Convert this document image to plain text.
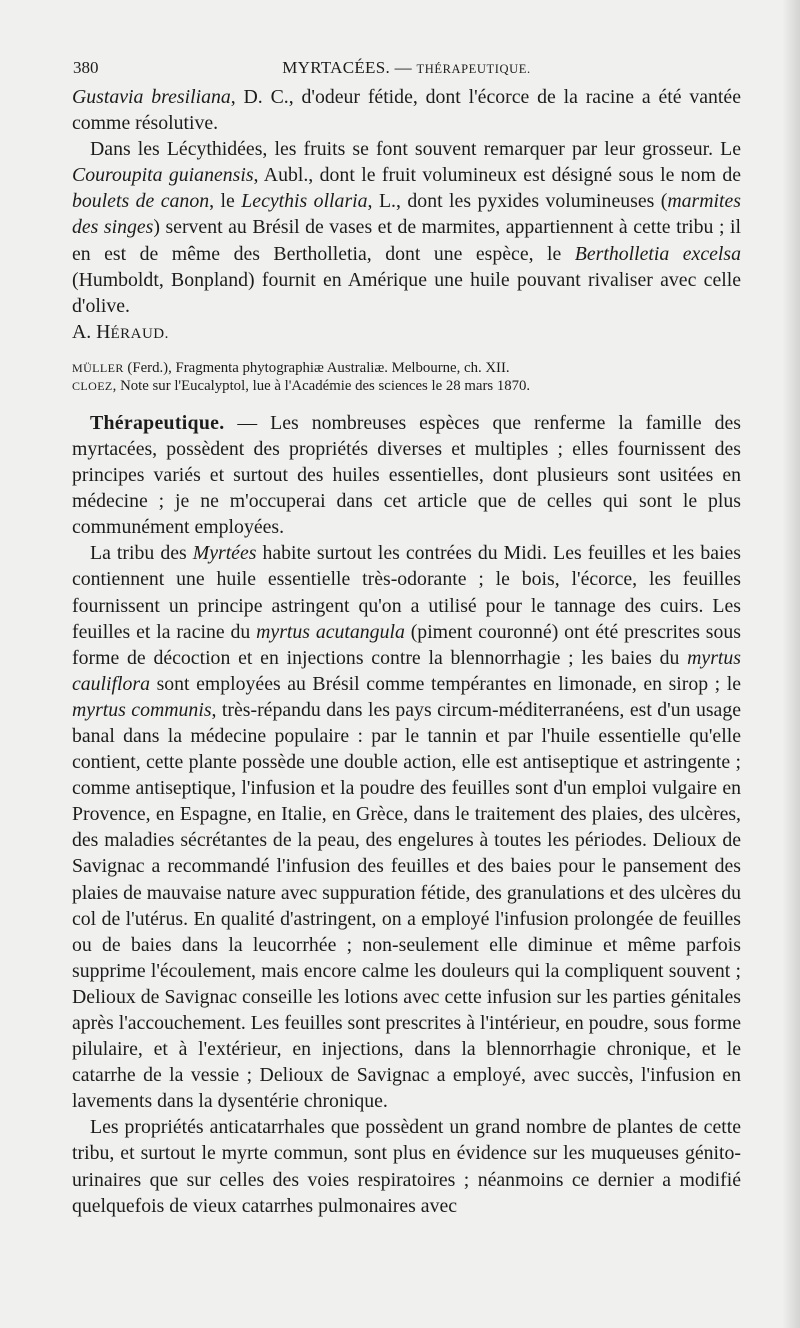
380	MYRTACÉES. — THÉRAPEUTIQUE.

Gustavia bresiliana, D. C., d'odeur fétide, dont l'écorce de la racine a été vantée comme résolutive.

Dans les Lécythidées, les fruits se font souvent remarquer par leur grosseur. Le Couroupita guianensis, Aubl., dont le fruit volumineux est désigné sous le nom de boulets de canon, le Lecythis ollaria, L., dont les pyxides volumineuses (marmites des singes) servent au Brésil de vases et de marmites, appartiennent à cette tribu ; il en est de même des Bertholletia, dont une espèce, le Bertholletia excelsa (Humboldt, Bonpland) fournit en Amérique une huile pouvant rivaliser avec celle d'olive.

A. HÉRAUD.

MÜLLER (Ferd.), Fragmenta phytographiæ Australiæ. Melbourne, ch. XII.
CLOEZ, Note sur l'Eucalyptol, lue à l'Académie des sciences le 28 mars 1870.

Thérapeutique. — Les nombreuses espèces que renferme la famille des myrtacées, possèdent des propriétés diverses et multiples ; elles fournissent des principes variés et surtout des huiles essentielles, dont plusieurs sont usitées en médecine ; je ne m'occuperai dans cet article que de celles qui sont le plus communément employées.

La tribu des Myrtées habite surtout les contrées du Midi. Les feuilles et les baies contiennent une huile essentielle très-odorante ; le bois, l'écorce, les feuilles fournissent un principe astringent qu'on a utilisé pour le tannage des cuirs. Les feuilles et la racine du myrtus acutangula (piment couronné) ont été prescrites sous forme de décoction et en injections contre la blennorrhagie ; les baies du myrtus cauliflora sont employées au Brésil comme tempérantes en limonade, en sirop ; le myrtus communis, très-répandu dans les pays circum-méditerranéens, est d'un usage banal dans la médecine populaire : par le tannin et par l'huile essentielle qu'elle contient, cette plante possède une double action, elle est antiseptique et astringente ; comme antiseptique, l'infusion et la poudre des feuilles sont d'un emploi vulgaire en Provence, en Espagne, en Italie, en Grèce, dans le traitement des plaies, des ulcères, des maladies sécrétantes de la peau, des engelures à toutes les périodes. Delioux de Savignac a recommandé l'infusion des feuilles et des baies pour le pansement des plaies de mauvaise nature avec suppuration fétide, des granulations et des ulcères du col de l'utérus. En qualité d'astringent, on a employé l'infusion prolongée de feuilles ou de baies dans la leucorrhée ; non-seulement elle diminue et même parfois supprime l'écoulement, mais encore calme les douleurs qui la compliquent souvent ; Delioux de Savignac conseille les lotions avec cette infusion sur les parties génitales après l'accouchement. Les feuilles sont prescrites à l'intérieur, en poudre, sous forme pilulaire, et à l'extérieur, en injections, dans la blennorrhagie chronique, et le catarrhe de la vessie ; Delioux de Savignac a employé, avec succès, l'infusion en lavements dans la dysentérie chronique.

Les propriétés anticatarrhales que possèdent un grand nombre de plantes de cette tribu, et surtout le myrte commun, sont plus en évidence sur les muqueuses génito-urinaires que sur celles des voies respiratoires ; néanmoins ce dernier a modifié quelquefois de vieux catarrhes pulmonaires avec
